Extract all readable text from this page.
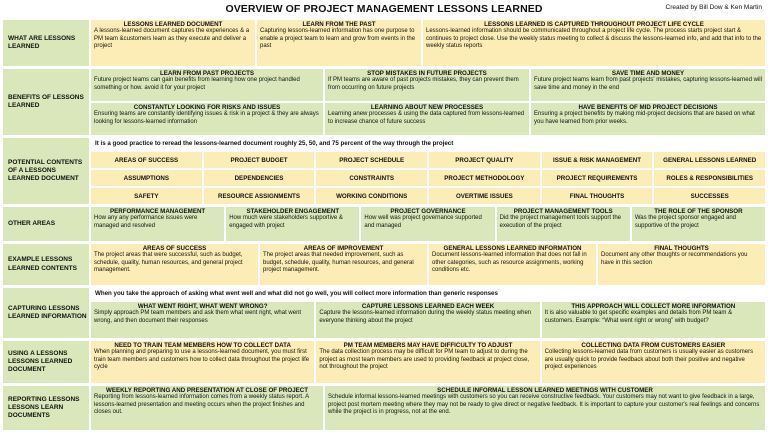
OVERVIEW OF PROJECT MANAGEMENT LESSONS LEARNED	Created by Bill Dow & Ken Martin
WHAT ARE LESSONS LEARNED
LESSONS LEARNED DOCUMENT
A lessons-learned document captures the experiences & a PM team &customers learn as they execute and deliver a project
LEARN FROM THE PAST
Capturing lessons-learned information has one purpose to enable a project team to learn and grow from events in the past
LESSONS LEARNED IS CAPTURED THROUGHOUT PROJECT LIFE CYCLE
Lessons-learned information should be communicated throughout a project life cycle. The process starts project start & continues to project close. Use the weekly status meeting to collect & discuss the lessons-learned info, and add that info to the weekly status reports
BENEFITS OF LESSONS LEARNED
LEARN FROM PAST PROJECTS
Future project teams can gain benefits from learning how one project handled something or how. avoid it for your project
STOP MISTAKES IN FUTURE PROJECTS
If PM teams are aware of past projects mistakes, they can prevent them from occurring on future projects
SAVE TIME AND MONEY
Future project teams learn from past projects' mistakes, capturing lessons-learned will save time and money in the end
CONSTANTLY LOOKING FOR RISKS AND ISSUES
Ensuring teams are constantly identifying issues & risk in a project & they are always looking for lessons-learned information
LEARNING ABOUT NEW PROCESSES
Learning anew processes & using the data captured from lessons-learned to increase chance of future success
HAVE BENEFITS OF MID PROJECT DECISIONS
Ensuring a project benefits by making mid-project decisions that are based on what you have learned from prior weeks.
POTENTIAL CONTENTS OF A LESSONS LEARNED DOCUMENT
It is a good practice to reread the lessons-learned document roughly 25, 50, and 75 percent of the way through the project
AREAS OF SUCCESS	PROJECT BUDGET	PROJECT SCHEDULE	PROJECT QUALITY	ISSUE & RISK MANAGEMENT	GENERAL LESSONS LEARNED
ASSUMPTIONS	DEPENDENCIES	CONSTRAINTS	PROJECT METHODOLOGY	PROJECT REQUIREMENTS	ROLES & RESPONSIBILITIES
SAFETY	RESOURCE ASSIGNMENTS	WORKING CONDITIONS	OVERTIME ISSUES	FINAL THOUGHTS	SUCCESSES
OTHER AREAS
PERFORMANCE MANAGEMENT
How any any performance issues were managed and resolved
STAKEHOLDER ENGAGEMENT
How much were stakeholders supportive & engaged with project
PROJECT GOVERNANCE
How well was project governance supported and managed
PROJECT MANAGEMENT TOOLS
Did the project management tools support the execution of the project
THE ROLE OF THE SPONSOR
Was the project sponsor engaged and supportive of the project
EXAMPLE LESSONS LEARNED CONTENTS
AREAS OF SUCCESS
The project areas that were successful, such as budget, schedule, quality, human resources, and general project management.
AREAS OF IMPROVEMENT
The project areas that needed improvement, such as budget, schedule, quality, human resources, and general project management.
GENERAL LESSONS LEARNED INFORMATION
Document lessons-learned information that does not fall in other categories, such as resource assignments, working conditions etc.
FINAL THOUGHTS
Document any other thoughts or recommendations you have in this section
CAPTURING LESSONS LEARNED INFORMATION
When you take the approach of asking what went well and what did not go well, you will collect more information than generic responses
WHAT WENT RIGHT, WHAT WENT WRONG?
Simply approach PM team members and ask them what went right, what went wrong, and then document their responses
CAPTURE LESSONS LEARNED EACH WEEK
Capture the lessons-learned information during the weekly status meeting when everyone thinking about the project
THIS APPROACH WILL COLLECT MORE INFORMATION
It is also valuable to get specific examples and details from PM team & customers. Example: “What went right or wrong” with budget?
USING A LESSONS LESSONS LEARNED DOCUMENT
NEED TO TRAIN TEAM MEMBERS HOW TO COLLECT DATA
When planning and preparing to use a lessons-learned document, you must first train team members and customers how to collect data throughout the project life cycle
PM TEAM MEMBERS MAY HAVE DIFFICULTY TO ADJUST
The data collection process may be difficult for PM team to adjust to during the project as most team members are used to providing feedback at project close, not throughout the project
COLLECTING DATA FROM CUSTOMERS EASIER
Collecting lessons-learned data from customers is usually easier as customers are usually quick to provide feedback about both their positive and negative project experiences
REPORTING LESSONS LESSONS LEARN DOCUMENTS
WEEKLY REPORTING AND PRESENTATION AT CLOSE OF PROJECT
Reporting from lessons-learned information comes from a weekly status report. A lessons-learned presentation and meeting occurs when the project finishes and closes out.
SCHEDULE INFORMAL LESSON LEARNED MEETINGS WITH CUSTOMER
Schedule informal lessons-learned meetings with customers so you can receive constructive feedback. Your customers may not want to give feedback in a large, project post mortem meeting where they may not be ready to give direct or negative feedback. It is important to capture your customer's real feelings and concerns while the project is in progress, not at the end.
